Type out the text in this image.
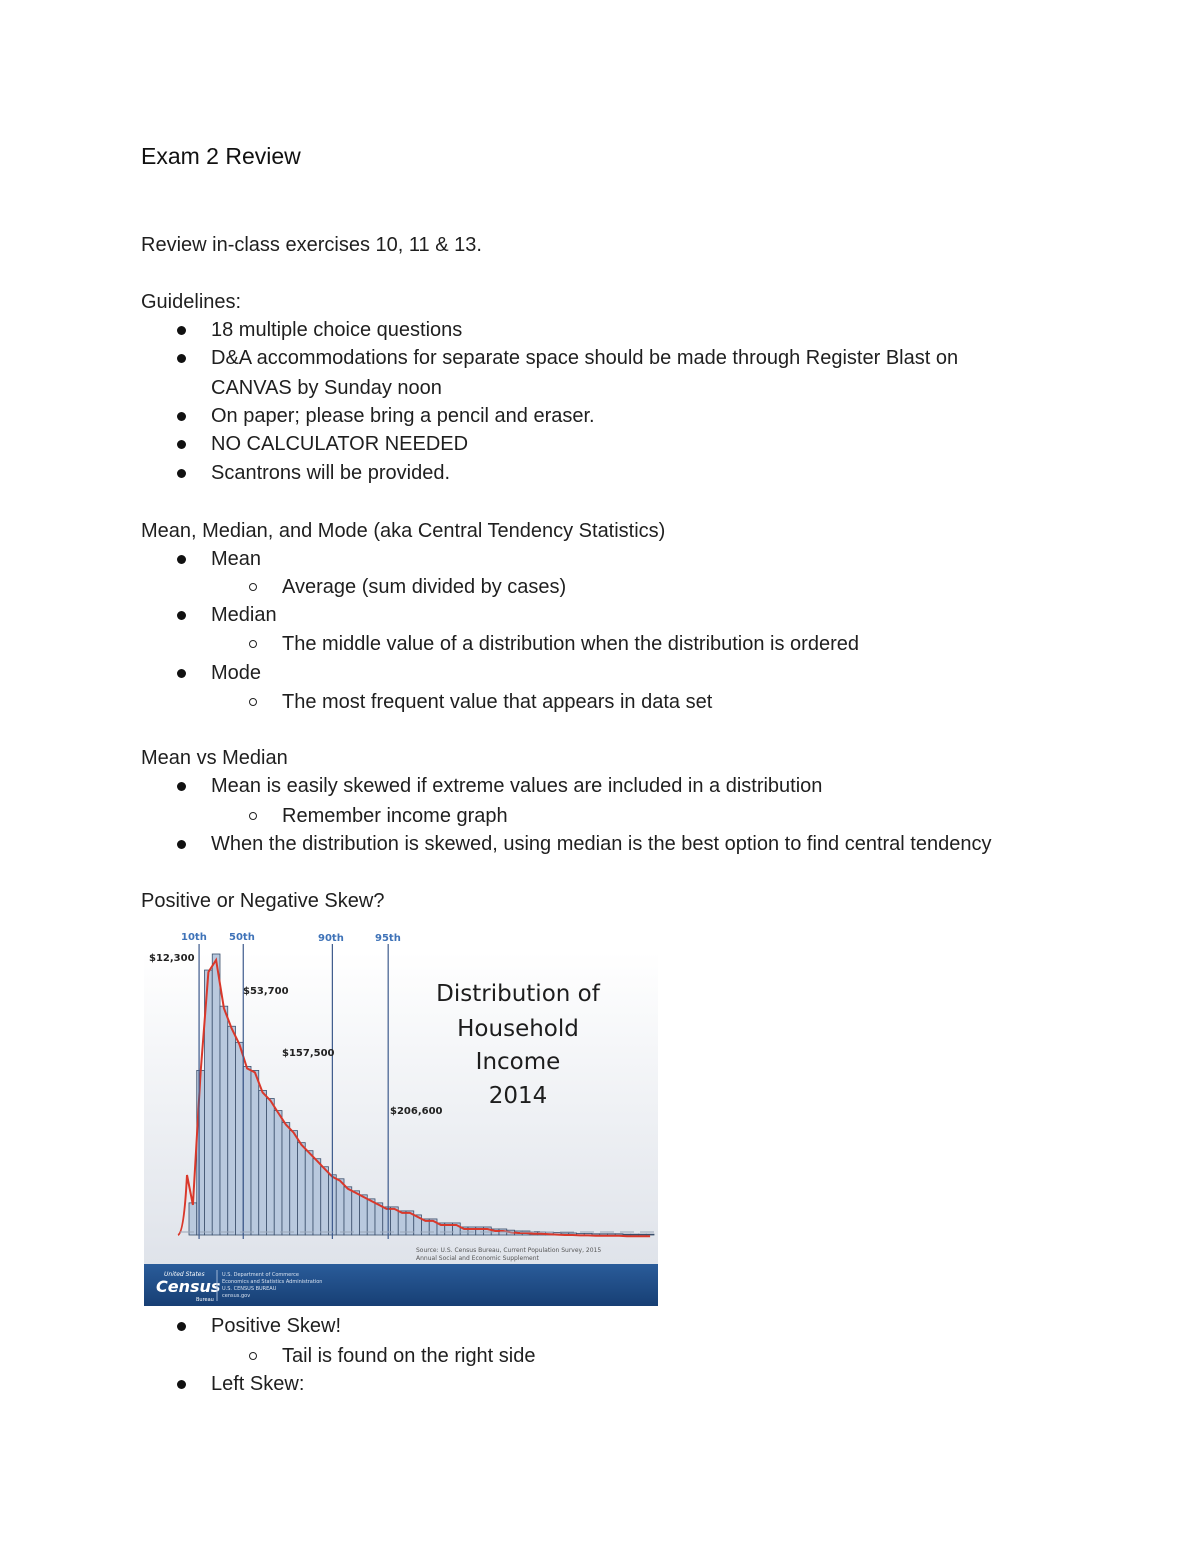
Exam 2 Review
Review in-class exercises 10, 11 & 13.
Guidelines:
18 multiple choice questions
D&A accommodations for separate space should be made through Register Blast on
CANVAS by Sunday noon
On paper; please bring a pencil and eraser.
NO CALCULATOR NEEDED
Scantrons will be provided.
Mean, Median, and Mode (aka Central Tendency Statistics)
Mean
Average (sum divided by cases)
Median
The middle value of a distribution when the distribution is ordered
Mode
The most frequent value that appears in data set
Mean vs Median
Mean is easily skewed if extreme values are included in a distribution
Remember income graph
When the distribution is skewed, using median is the best option to find central tendency
Positive or Negative Skew?
Distribution of
Household
Income
2014
10th 50th	90th	95th
$12,300
$53,700
$157,500
$206,600
Source: U.S. Census Bureau, Current Population Survey, 2015
Annual Social and Economic Supplement
United States
Census
Bureau
U.S. Department of Commerce
Economics and Statistics Administration
U.S. CENSUS BUREAU
census.gov
Positive Skew!
Tail is found on the right side
Left Skew:
